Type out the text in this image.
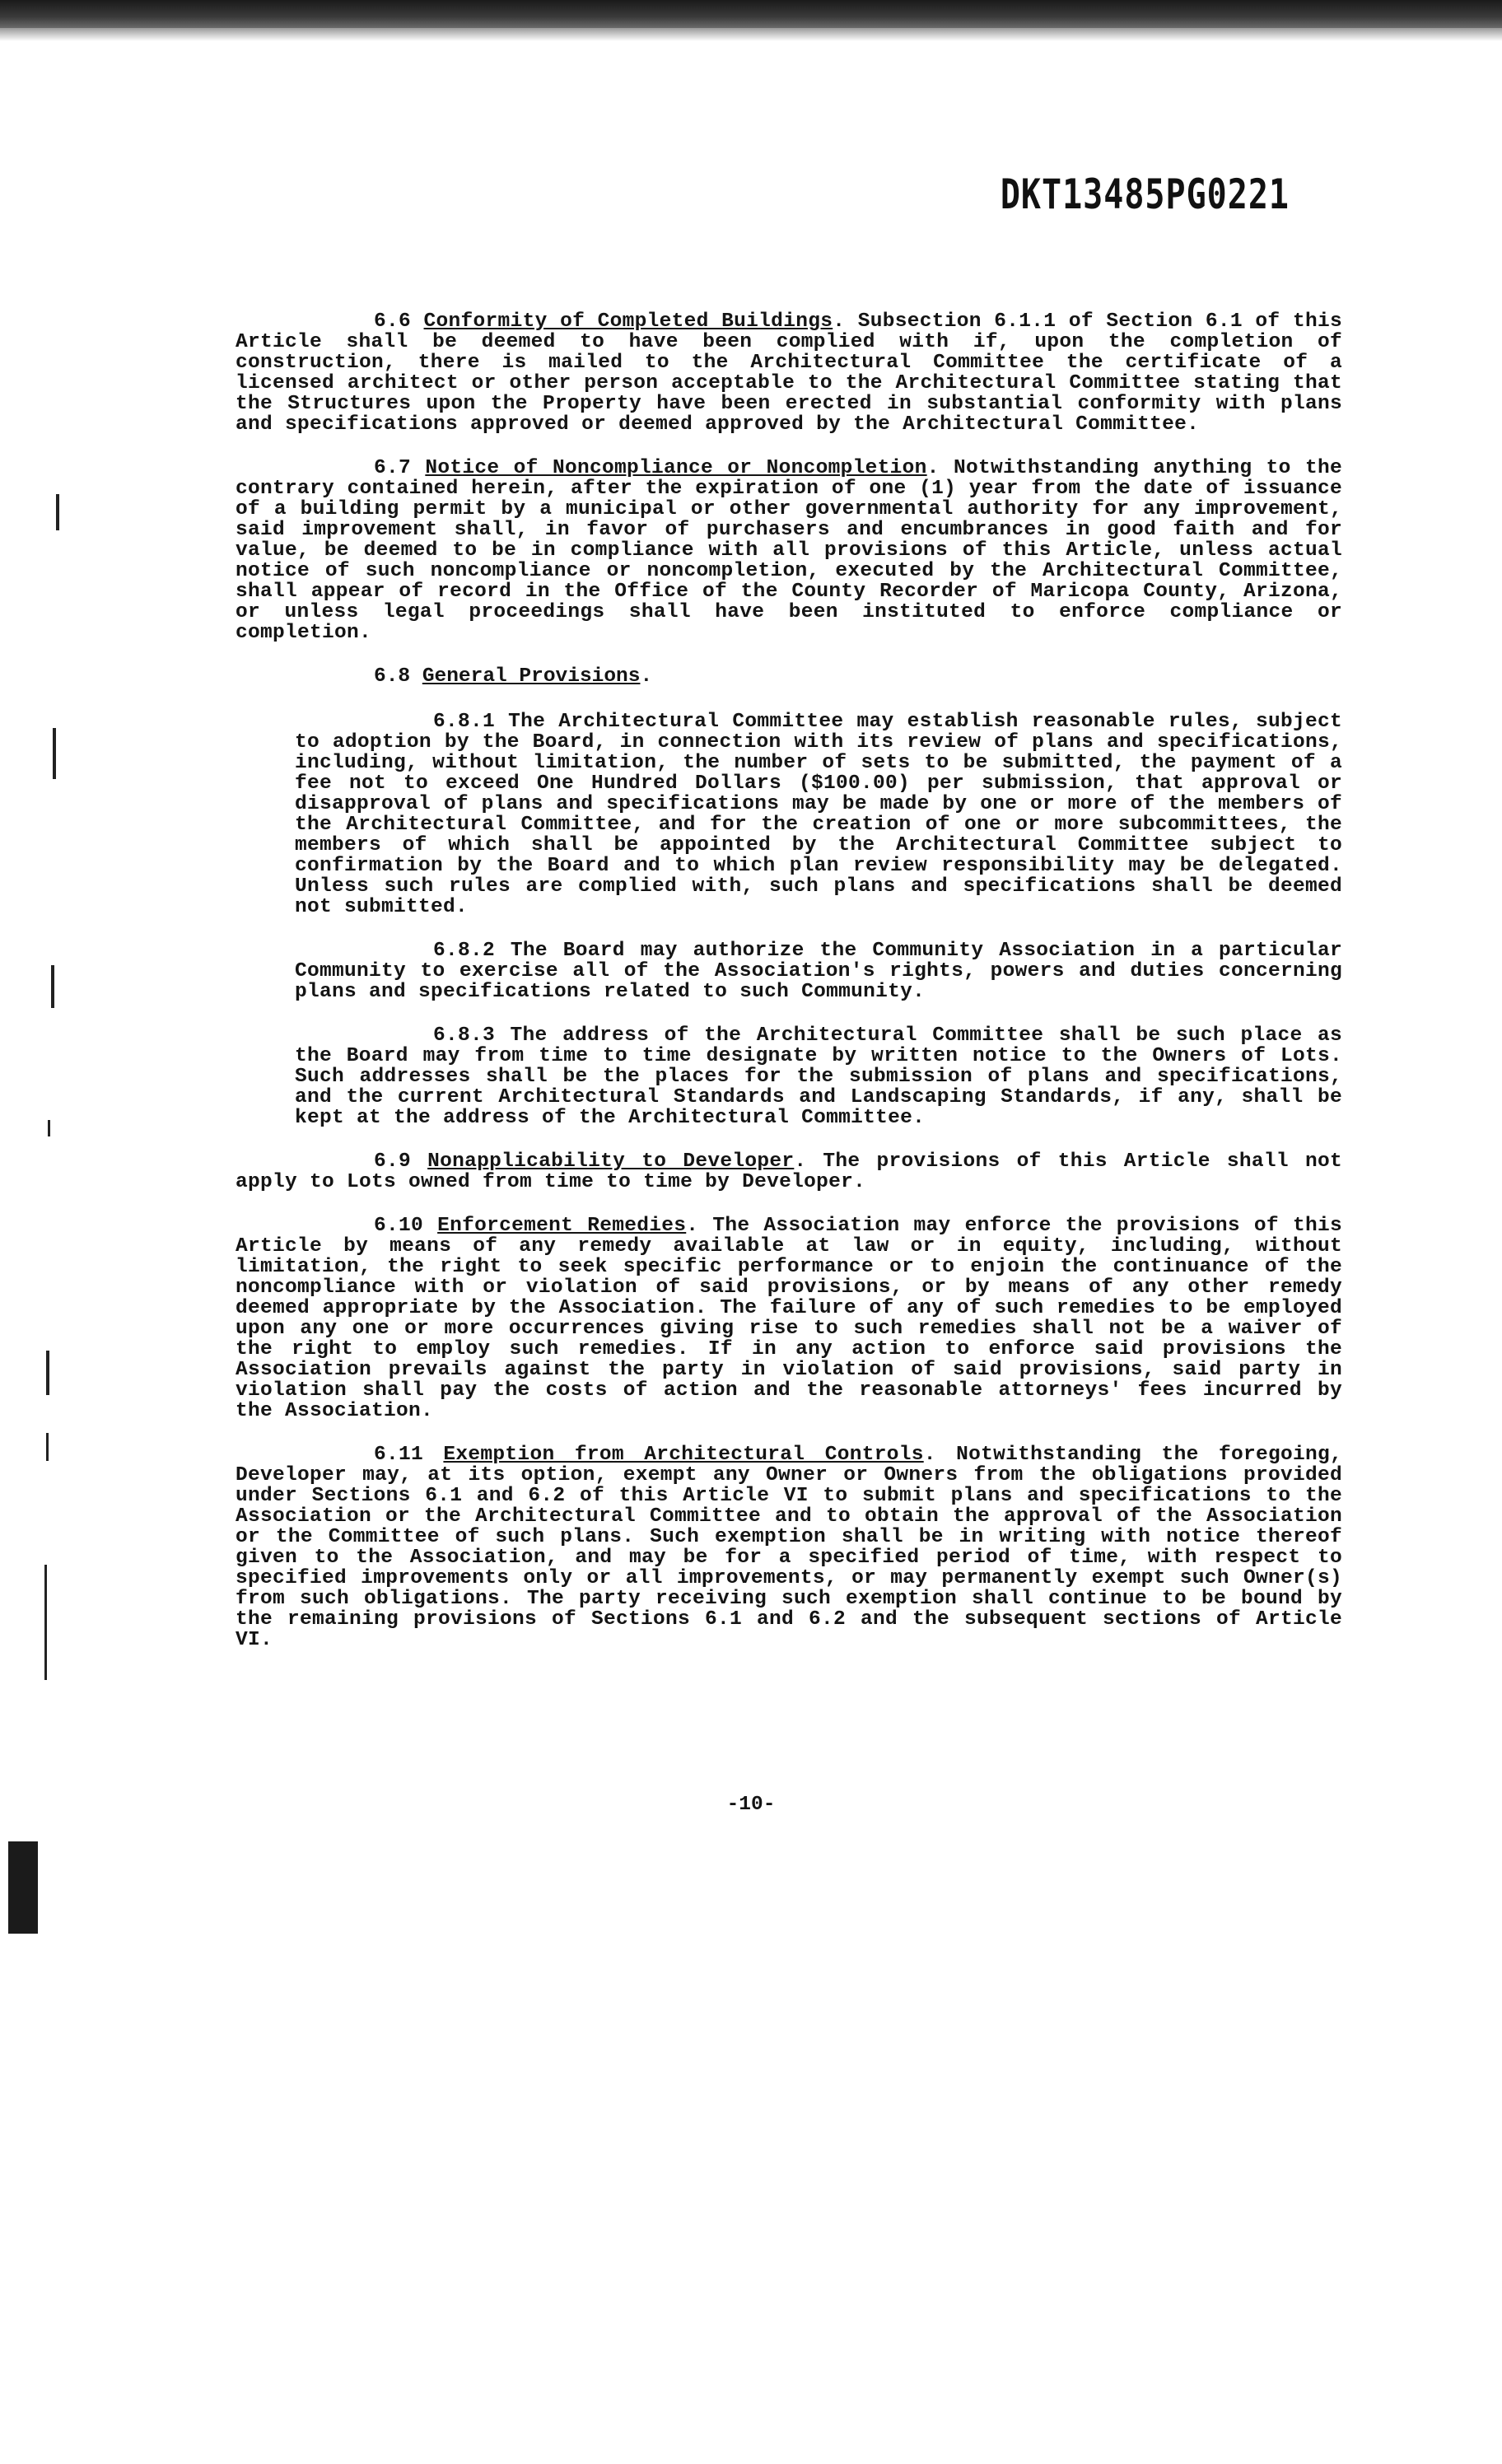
DKT13485PG0221

6.6 Conformity of Completed Buildings. Subsection 6.1.1 of Section 6.1 of this Article shall be deemed to have been complied with if, upon the completion of construction, there is mailed to the Architectural Committee the certificate of a licensed architect or other person acceptable to the Architectural Committee stating that the Structures upon the Property have been erected in substantial conformity with plans and specifications approved or deemed approved by the Architectural Committee.

6.7 Notice of Noncompliance or Noncompletion. Notwithstanding anything to the contrary contained herein, after the expiration of one (1) year from the date of issuance of a building permit by a municipal or other governmental authority for any improvement, said improvement shall, in favor of purchasers and encumbrances in good faith and for value, be deemed to be in compliance with all provisions of this Article, unless actual notice of such noncompliance or noncompletion, executed by the Architectural Committee, shall appear of record in the Office of the County Recorder of Maricopa County, Arizona, or unless legal proceedings shall have been instituted to enforce compliance or completion.

6.8 General Provisions.

6.8.1 The Architectural Committee may establish reasonable rules, subject to adoption by the Board, in connection with its review of plans and specifications, including, without limitation, the number of sets to be submitted, the payment of a fee not to exceed One Hundred Dollars ($100.00) per submission, that approval or disapproval of plans and specifications may be made by one or more of the members of the Architectural Committee, and for the creation of one or more subcommittees, the members of which shall be appointed by the Architectural Committee subject to confirmation by the Board and to which plan review responsibility may be delegated. Unless such rules are complied with, such plans and specifications shall be deemed not submitted.

6.8.2 The Board may authorize the Community Association in a particular Community to exercise all of the Association's rights, powers and duties concerning plans and specifications related to such Community.

6.8.3 The address of the Architectural Committee shall be such place as the Board may from time to time designate by written notice to the Owners of Lots. Such addresses shall be the places for the submission of plans and specifications, and the current Architectural Standards and Landscaping Standards, if any, shall be kept at the address of the Architectural Committee.

6.9 Nonapplicability to Developer. The provisions of this Article shall not apply to Lots owned from time to time by Developer.

6.10 Enforcement Remedies. The Association may enforce the provisions of this Article by means of any remedy available at law or in equity, including, without limitation, the right to seek specific performance or to enjoin the continuance of the noncompliance with or violation of said provisions, or by means of any other remedy deemed appropriate by the Association. The failure of any of such remedies to be employed upon any one or more occurrences giving rise to such remedies shall not be a waiver of the right to employ such remedies. If in any action to enforce said provisions the Association prevails against the party in violation of said provisions, said party in violation shall pay the costs of action and the reasonable attorneys' fees incurred by the Association.

6.11 Exemption from Architectural Controls. Notwithstanding the foregoing, Developer may, at its option, exempt any Owner or Owners from the obligations provided under Sections 6.1 and 6.2 of this Article VI to submit plans and specifications to the Association or the Architectural Committee and to obtain the approval of the Association or the Committee of such plans. Such exemption shall be in writing with notice thereof given to the Association, and may be for a specified period of time, with respect to specified improvements only or all improvements, or may permanently exempt such Owner(s) from such obligations. The party receiving such exemption shall continue to be bound by the remaining provisions of Sections 6.1 and 6.2 and the subsequent sections of Article VI.

-10-
